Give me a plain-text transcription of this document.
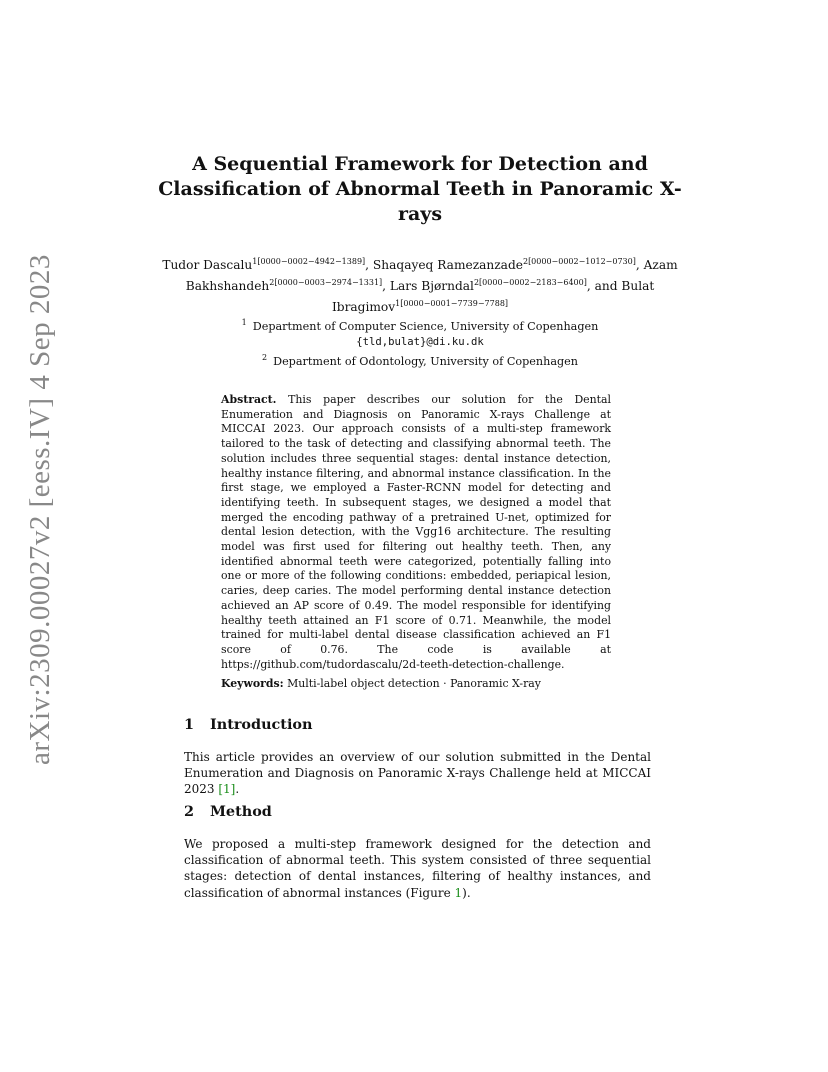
arXiv:2309.00027v2 [eess.IV] 4 Sep 2023
A Sequential Framework for Detection and Classification of Abnormal Teeth in Panoramic X-rays
Tudor Dascalu$^{1[0000-0002-4942-1389]}$, Shaqayeq Ramezanzade$^{2[0000-0002-1012-0730]}$, Azam Bakhshandeh$^{2[0000-0003-2974-1331]}$, Lars Bjørndal$^{2[0000-0002-2183-6400]}$, and Bulat Ibragimov$^{1[0000-0001-7739-7788]}$
$^1$ Department of Computer Science, University of Copenhagen
{tld,bulat}@di.ku.dk
$^2$ Department of Odontology, University of Copenhagen
Abstract. This paper describes our solution for the Dental Enumeration and Diagnosis on Panoramic X-rays Challenge at MICCAI 2023. Our approach consists of a multi-step framework tailored to the task of detecting and classifying abnormal teeth. The solution includes three sequential stages: dental instance detection, healthy instance filtering, and abnormal instance classification. In the first stage, we employed a Faster-RCNN model for detecting and identifying teeth. In subsequent stages, we designed a model that merged the encoding pathway of a pretrained U-net, optimized for dental lesion detection, with the Vgg16 architecture. The resulting model was first used for filtering out healthy teeth. Then, any identified abnormal teeth were categorized, potentially falling into one or more of the following conditions: embedded, periapical lesion, caries, deep caries. The model performing dental instance detection achieved an AP score of 0.49. The model responsible for identifying healthy teeth attained an F1 score of 0.71. Meanwhile, the model trained for multi-label dental disease classification achieved an F1 score of 0.76. The code is available at https://github.com/tudordascalu/2d-teeth-detection-challenge.
Keywords: Multi-label object detection · Panoramic X-ray
1 Introduction
This article provides an overview of our solution submitted in the Dental Enumeration and Diagnosis on Panoramic X-rays Challenge held at MICCAI 2023 [1].
2 Method
We proposed a multi-step framework designed for the detection and classification of abnormal teeth. This system consisted of three sequential stages: detection of dental instances, filtering of healthy instances, and classification of abnormal instances (Figure 1).
